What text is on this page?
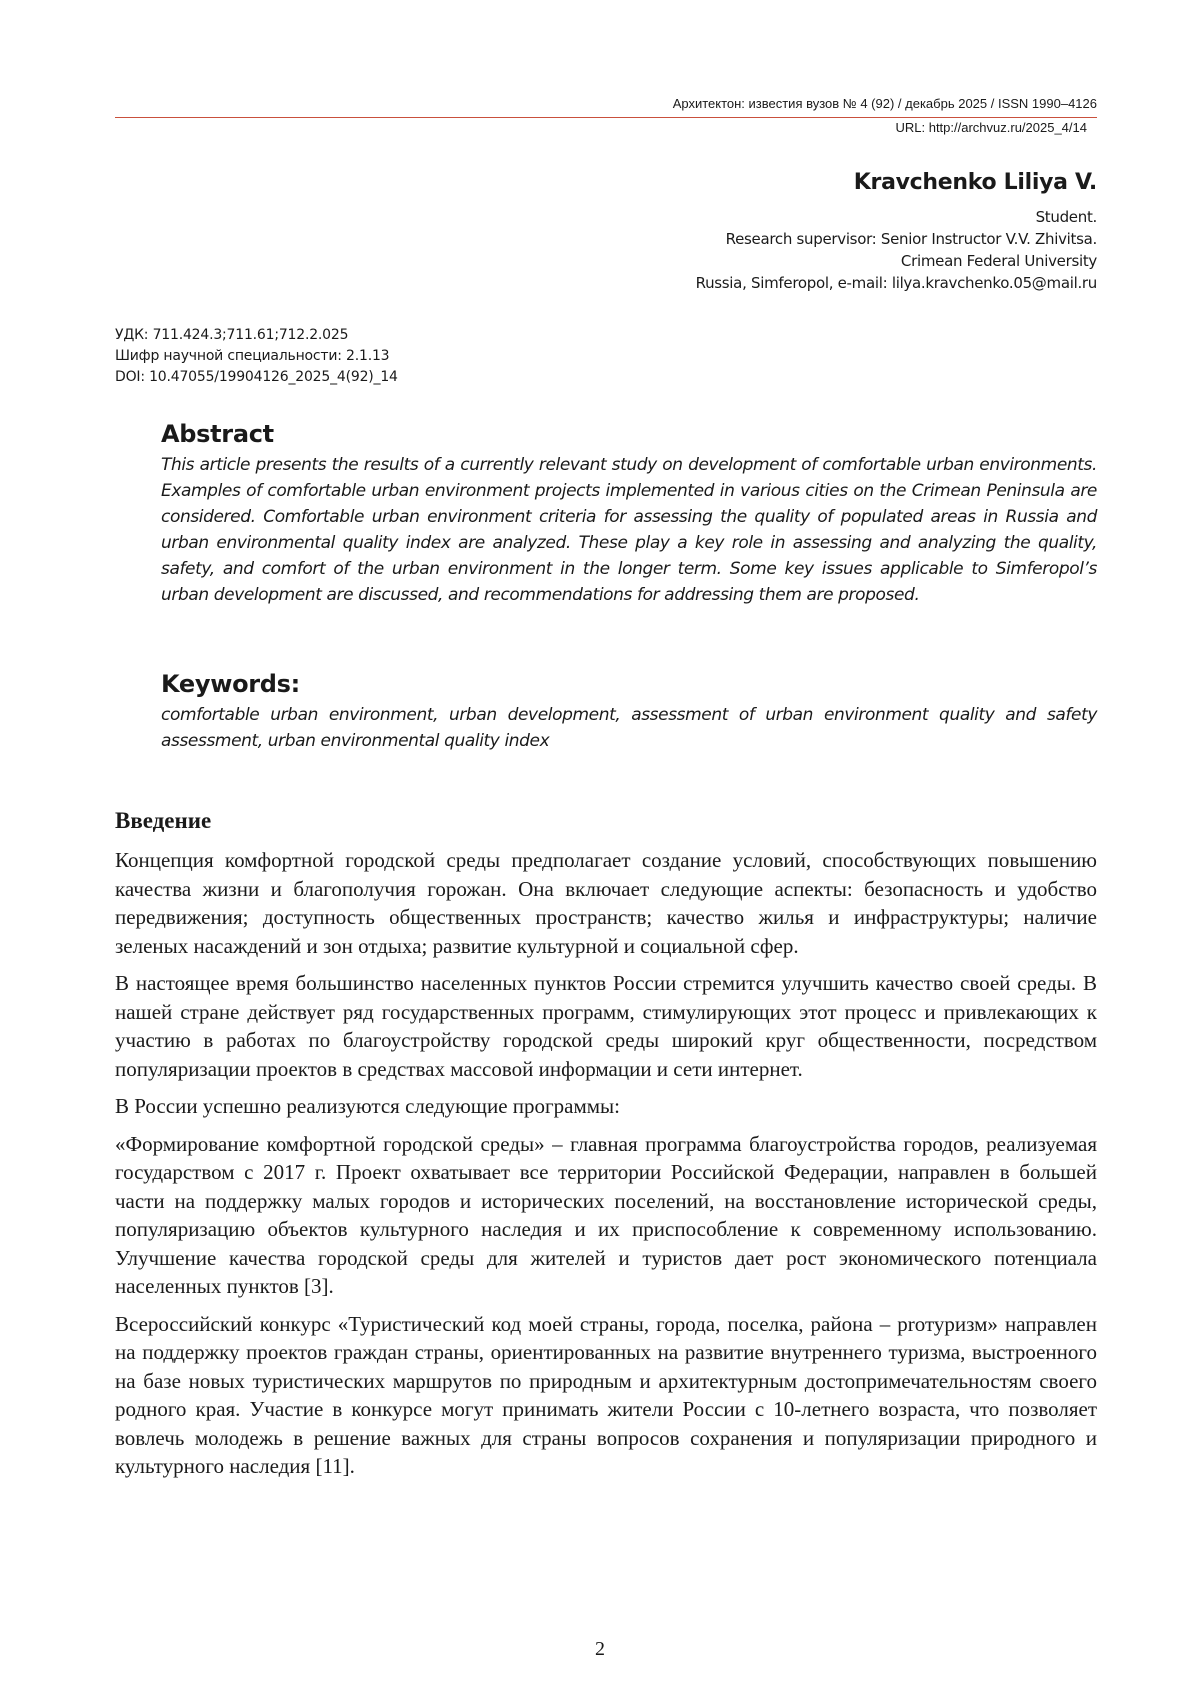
Архитектон: известия вузов № 4 (92) / декабрь 2025 / ISSN 1990–4126
URL: http://archvuz.ru/2025_4/14
Kravchenko Liliya V.
Student.
Research supervisor: Senior Instructor V.V. Zhivitsa.
Crimean Federal University
Russia, Simferopol, e-mail: lilya.kravchenko.05@mail.ru
УДК: 711.424.3;711.61;712.2.025
Шифр научной специальности: 2.1.13
DOI: 10.47055/19904126_2025_4(92)_14
Abstract

This article presents the results of a currently relevant study on development of comfortable urban environments. Examples of comfortable urban environment projects implemented in various cities on the Crimean Peninsula are considered. Comfortable urban environment criteria for assessing the quality of populated areas in Russia and urban environmental quality index are analyzed. These play a key role in assessing and analyzing the quality, safety, and comfort of the urban environment in the longer term. Some key issues applicable to Simferopol’s urban development are discussed, and recommendations for addressing them are proposed.

Keywords:

comfortable urban environment, urban development, assessment of urban environment quality and safety assessment, urban environmental quality index

Введение

Концепция комфортной городской среды предполагает создание условий, способствующих повышению качества жизни и благополучия горожан. Она включает следующие аспекты: безопасность и удобство передвижения; доступность общественных пространств; качество жилья и инфраструктуры; наличие зеленых насаждений и зон отдыха; развитие культурной и социальной сфер.

В настоящее время большинство населенных пунктов России стремится улучшить качество своей среды. В нашей стране действует ряд государственных программ, стимулирующих этот процесс и привлекающих к участию в работах по благоустройству городской среды широкий круг общественности, посредством популяризации проектов в средствах массовой информации и сети интернет.

В России успешно реализуются следующие программы:

«Формирование комфортной городской среды» – главная программа благоустройства городов, реализуемая государством с 2017 г. Проект охватывает все территории Российской Федерации, направлен в большей части на поддержку малых городов и исторических поселений, на восстановление исторической среды, популяризацию объектов культурного наследия и их приспособление к современному использованию. Улучшение качества городской среды для жителей и туристов дает рост экономического потенциала населенных пунктов [3].

Всероссийский конкурс «Туристический код моей страны, города, поселка, района – prотуризм» направлен на поддержку проектов граждан страны, ориентированных на развитие внутреннего туризма, выстроенного на базе новых туристических маршрутов по природным и архитектурным достопримечательностям своего родного края. Участие в конкурсе могут принимать жители России с 10-летнего возраста, что позволяет вовлечь молодежь в решение важных для страны вопросов сохранения и популяризации природного и культурного наследия [11].

2
